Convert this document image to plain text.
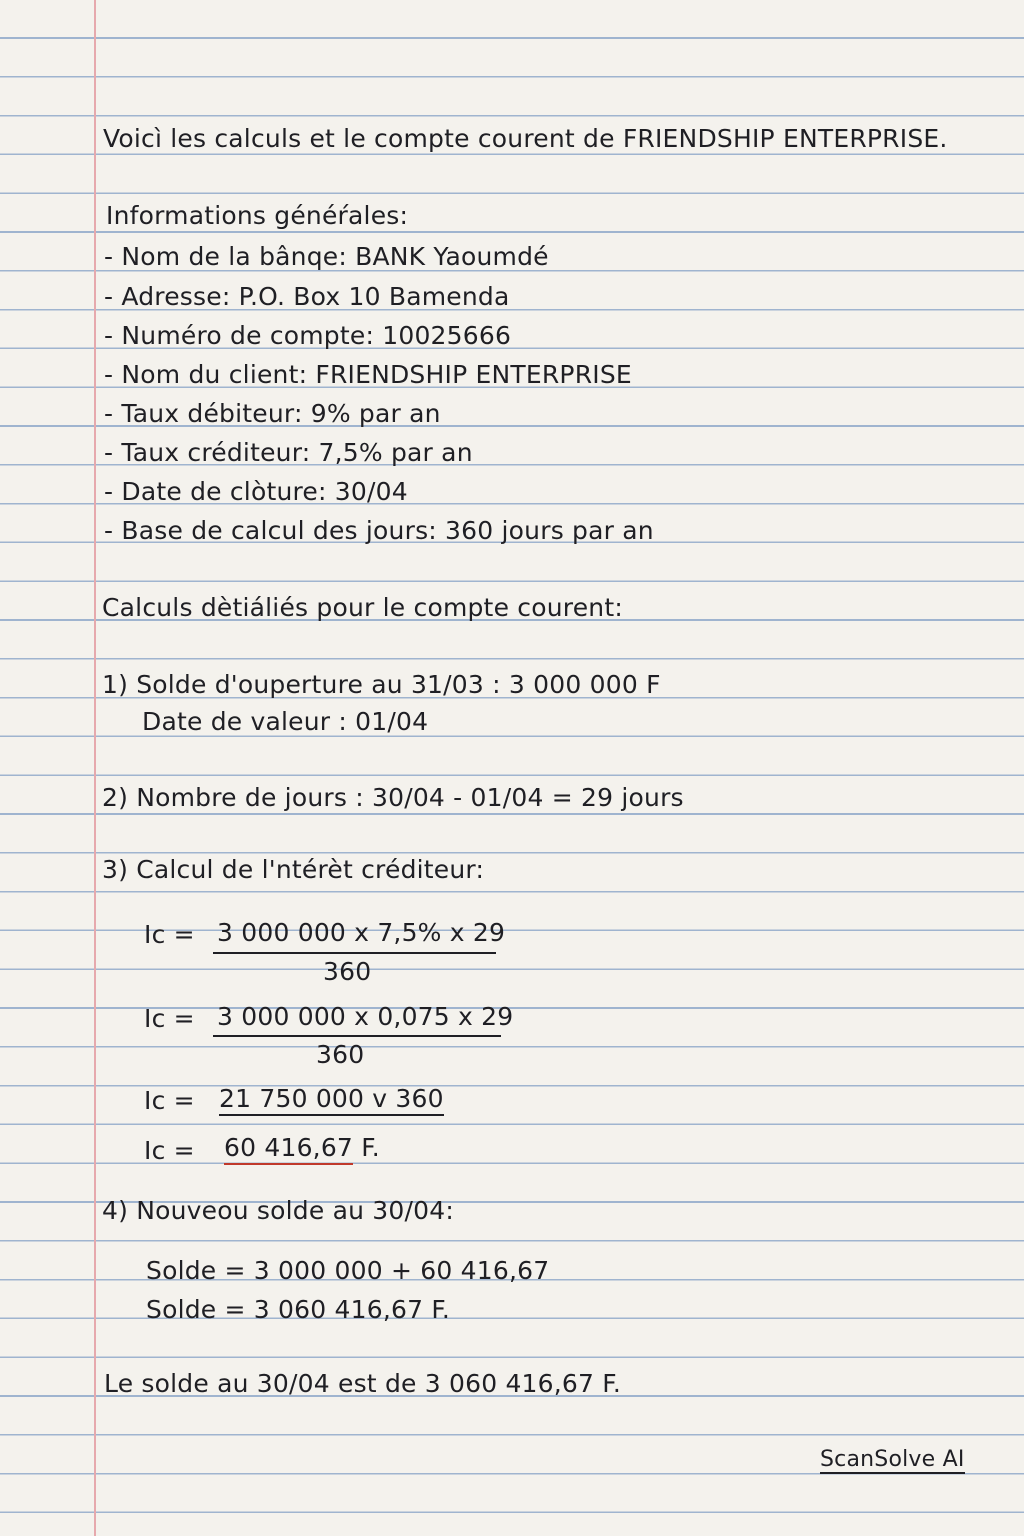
Voicì les calculs et le compte courent de FRIENDSHIP ENTERPRISE.
Informations généŕales:
- Nom de la bânqe: BANK Yaoumdé
- Adresse: P.O. Box 10 Bamenda
- Numéro de compte: 10025666
- Nom du client: FRIENDSHIP ENTERPRISE
- Taux débiteur: 9% par an
- Taux créditeur: 7,5% par an
- Date de clòture: 30/04
- Base de calcul des jours: 360 jours par an
Calculs dètiáliés pour le compte courent:
1) Solde d'ouperture au 31/03 : 3 000 000 F
Date de valeur : 01/04
2) Nombre de jours : 30/04 - 01/04 = 29 jours
3) Calcul de l'ntérèt créditeur:
Ic = 3 000 000 x 7,5% x 29
360
Ic = 3 000 000 x 0,075 x 29
360
Ic = 21 750 000 v 360
Ic = 60 416,67 F.
4) Nouveou solde au 30/04:
Solde = 3 000 000 + 60 416,67
Solde = 3 060 416,67 F.
Le solde au 30/04 est de 3 060 416,67 F.
ScanSolve AI
